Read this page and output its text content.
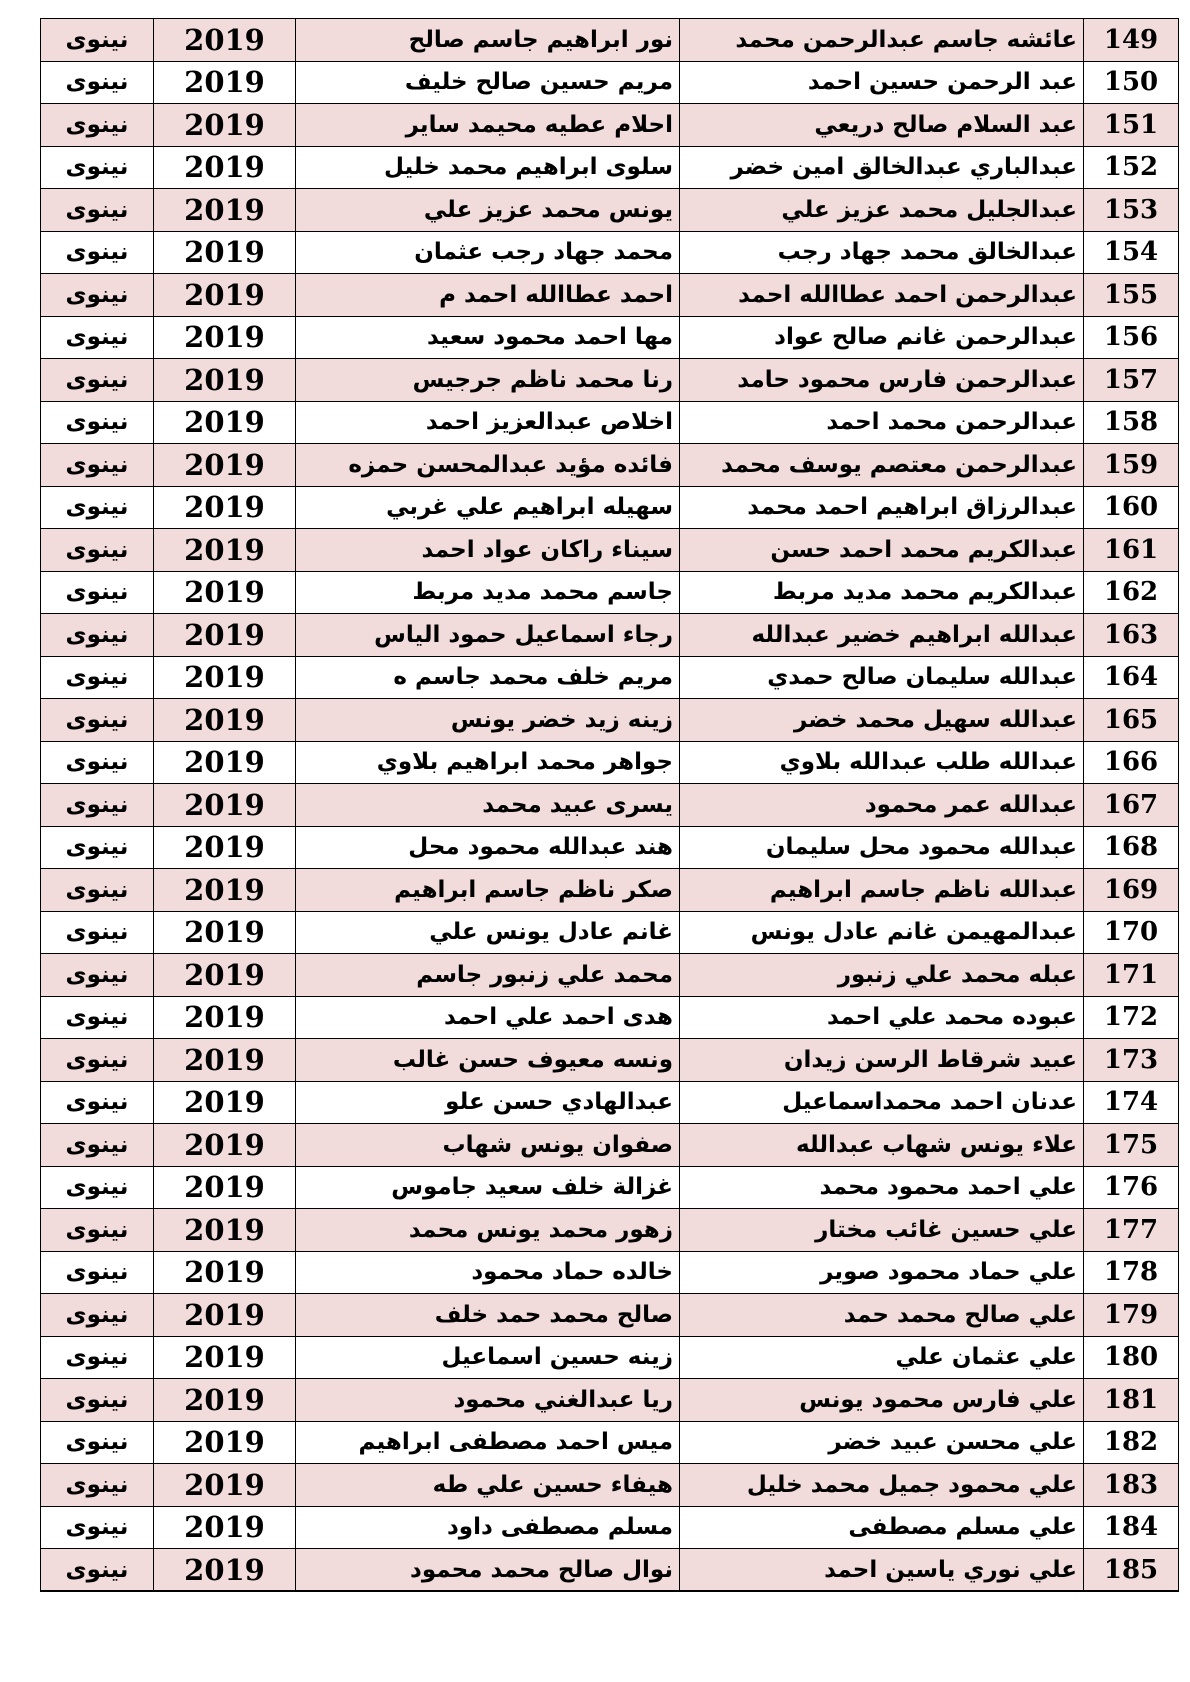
نينوى	2019	نور ابراهيم جاسم صالح	عائشه جاسم عبدالرحمن محمد	149
نينوى	2019	مريم حسين صالح خليف	عبد الرحمن حسين احمد	150
نينوى	2019	احلام عطيه محيمد ساير	عبد السلام صالح دريعي	151
نينوى	2019	سلوى ابراهيم محمد خليل	عبدالباري عبدالخالق امين خضر	152
نينوى	2019	يونس محمد عزيز علي	عبدالجليل محمد عزيز علي	153
نينوى	2019	محمد جهاد رجب عثمان	عبدالخالق محمد جهاد رجب	154
نينوى	2019	احمد عطاالله احمد م	عبدالرحمن احمد عطاالله احمد	155
نينوى	2019	مها احمد محمود سعيد	عبدالرحمن غانم صالح عواد	156
نينوى	2019	رنا محمد ناظم جرجيس	عبدالرحمن فارس محمود حامد	157
نينوى	2019	اخلاص عبدالعزيز احمد	عبدالرحمن محمد احمد	158
نينوى	2019	فائده مؤيد عبدالمحسن حمزه	عبدالرحمن معتصم يوسف محمد	159
نينوى	2019	سهيله ابراهيم علي غربي	عبدالرزاق ابراهيم احمد محمد	160
نينوى	2019	سيناء راكان عواد احمد	عبدالكريم محمد احمد حسن	161
نينوى	2019	جاسم محمد مديد مربط	عبدالكريم محمد مديد مربط	162
نينوى	2019	رجاء اسماعيل حمود الياس	عبدالله ابراهيم خضير عبدالله	163
نينوى	2019	مريم خلف محمد جاسم ه	عبدالله سليمان صالح حمدي	164
نينوى	2019	زينه زيد خضر يونس	عبدالله سهيل محمد خضر	165
نينوى	2019	جواهر محمد ابراهيم بلاوي	عبدالله طلب عبدالله بلاوي	166
نينوى	2019	يسرى عبيد محمد	عبدالله عمر محمود	167
نينوى	2019	هند عبدالله محمود محل	عبدالله محمود محل سليمان	168
نينوى	2019	صكر ناظم جاسم ابراهيم	عبدالله ناظم جاسم ابراهيم	169
نينوى	2019	غانم عادل يونس علي	عبدالمهيمن غانم عادل يونس	170
نينوى	2019	محمد علي زنبور جاسم	عبله محمد علي زنبور	171
نينوى	2019	هدى احمد علي احمد	عبوده محمد علي احمد	172
نينوى	2019	ونسه معيوف حسن غالب	عبيد شرقاط الرسن زيدان	173
نينوى	2019	عبدالهادي حسن علو	عدنان احمد محمداسماعيل	174
نينوى	2019	صفوان يونس شهاب	علاء يونس شهاب عبدالله	175
نينوى	2019	غزالة خلف سعيد جاموس	علي احمد محمود محمد	176
نينوى	2019	زهور محمد يونس محمد	علي حسين غائب مختار	177
نينوى	2019	خالده حماد محمود	علي حماد محمود صوير	178
نينوى	2019	صالح محمد حمد خلف	علي صالح محمد حمد	179
نينوى	2019	زينه حسين اسماعيل	علي عثمان علي	180
نينوى	2019	ريا عبدالغني محمود	علي فارس محمود يونس	181
نينوى	2019	ميس احمد مصطفى ابراهيم	علي محسن عبيد خضر	182
نينوى	2019	هيفاء حسين علي طه	علي محمود جميل محمد خليل	183
نينوى	2019	مسلم مصطفى داود	علي مسلم مصطفى	184
نينوى	2019	نوال صالح محمد محمود	علي نوري ياسين احمد	185
